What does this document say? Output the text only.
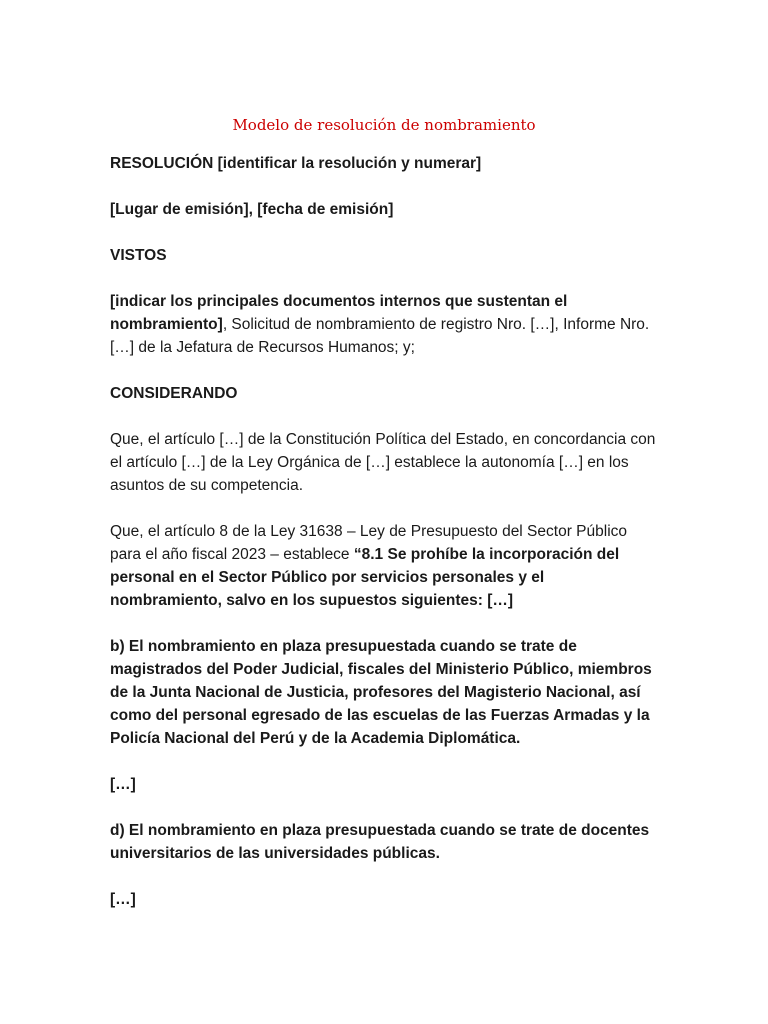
Modelo de resolución de nombramiento

RESOLUCIÓN [identificar la resolución y numerar]

[Lugar de emisión], [fecha de emisión]

VISTOS

[indicar los principales documentos internos que sustentan el nombramiento], Solicitud de nombramiento de registro Nro. […], Informe Nro. […] de la Jefatura de Recursos Humanos; y;

CONSIDERANDO

Que, el artículo […] de la Constitución Política del Estado, en concordancia con el artículo […] de la Ley Orgánica de […] establece la autonomía […] en los asuntos de su competencia.

Que, el artículo 8 de la Ley 31638 – Ley de Presupuesto del Sector Público para el año fiscal 2023 – establece “8.1 Se prohíbe la incorporación del personal en el Sector Público por servicios personales y el nombramiento, salvo en los supuestos siguientes: […]

b) El nombramiento en plaza presupuestada cuando se trate de magistrados del Poder Judicial, fiscales del Ministerio Público, miembros de la Junta Nacional de Justicia, profesores del Magisterio Nacional, así como del personal egresado de las escuelas de las Fuerzas Armadas y la Policía Nacional del Perú y de la Academia Diplomática.

[…]

d) El nombramiento en plaza presupuestada cuando se trate de docentes universitarios de las universidades públicas.

[…]
